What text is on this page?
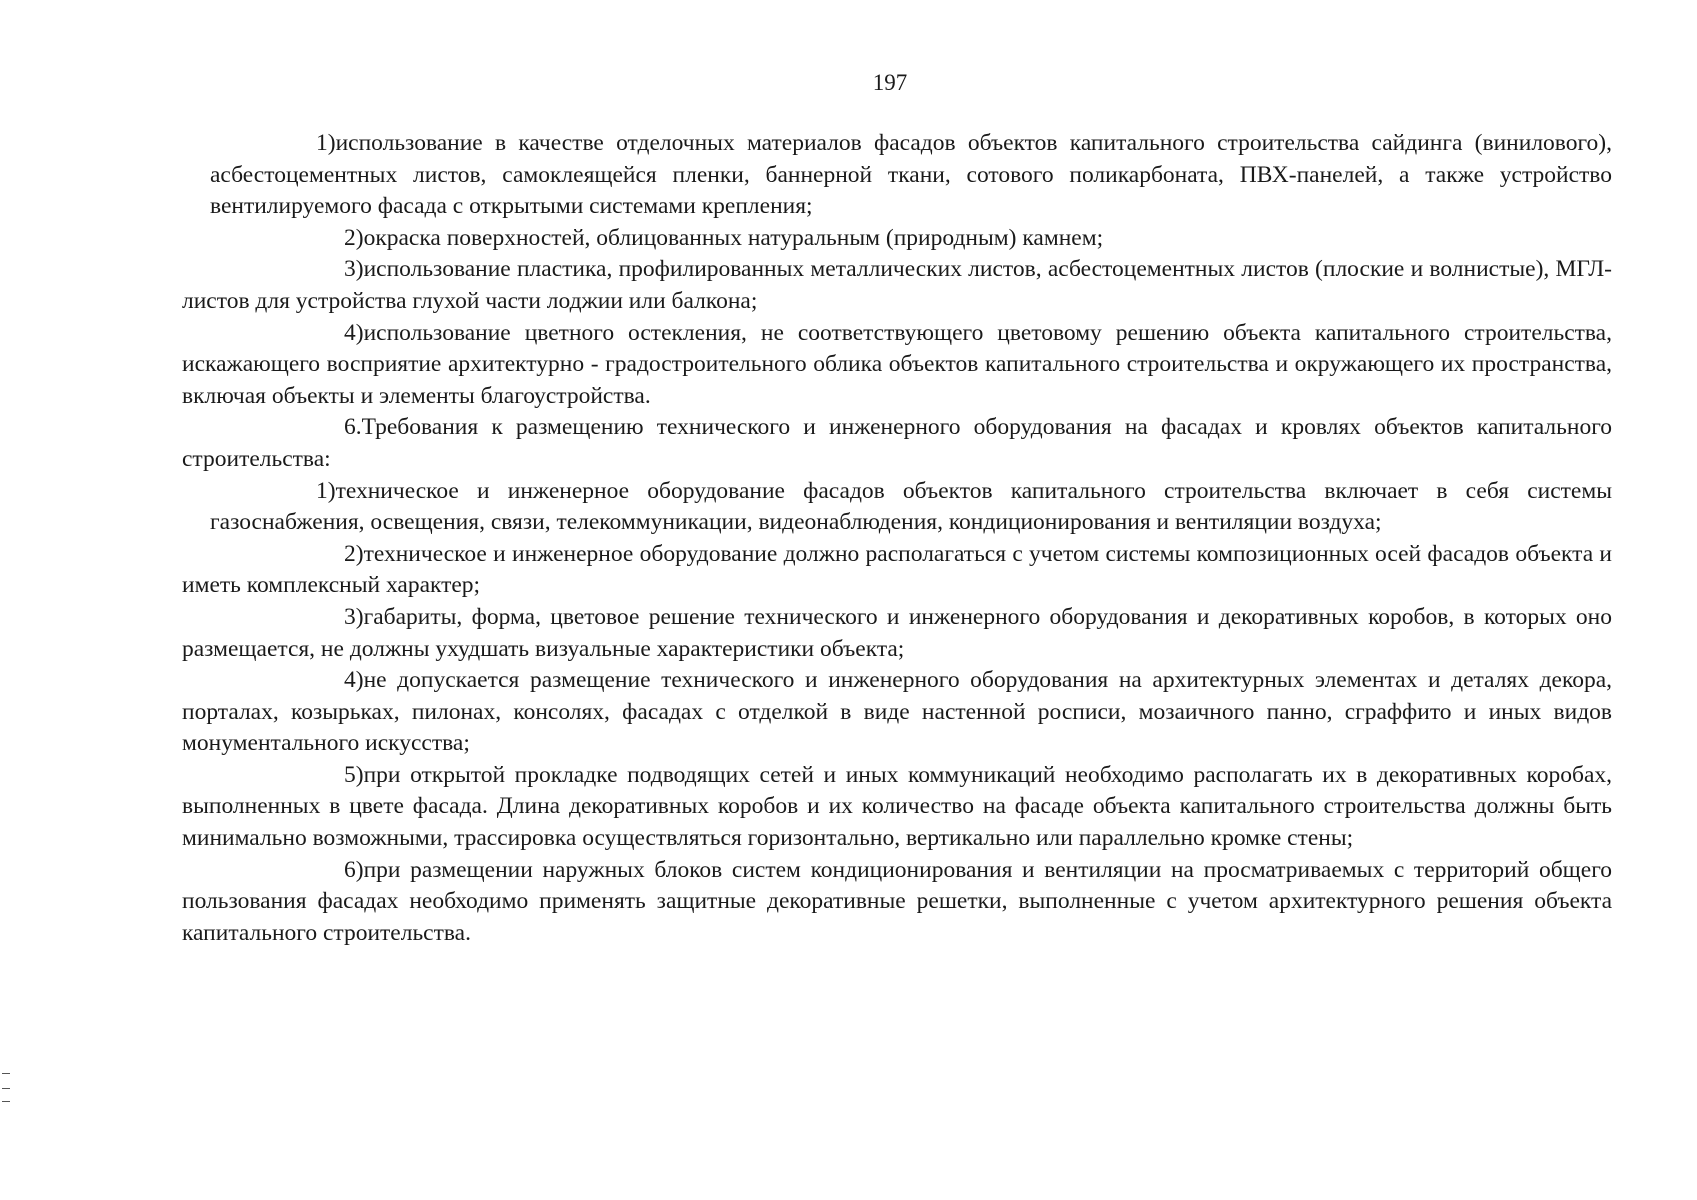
197

1)использование в качестве отделочных материалов фасадов объектов капитального строительства сайдинга (винилового), асбестоцементных листов, самоклеящейся пленки, баннерной ткани, сотового поликарбоната, ПВХ-панелей, а также устройство вентилируемого фасада с открытыми системами крепления;

2)окраска поверхностей, облицованных натуральным (природным) камнем;

3)использование пластика, профилированных металлических листов, асбестоцементных листов (плоские и волнистые), МГЛ-листов для устройства глухой части лоджии или балкона;

4)использование цветного остекления, не соответствующего цветовому решению объекта капитального строительства, искажающего восприятие архитектурно - градостроительного облика объектов капитального строительства и окружающего их пространства, включая объекты и элементы благоустройства.

6.Требования к размещению технического и инженерного оборудования на фасадах и кровлях объектов капитального строительства:

1)техническое и инженерное оборудование фасадов объектов капитального строительства включает в себя системы газоснабжения, освещения, связи, телекоммуникации, видеонаблюдения, кондиционирования и вентиляции воздуха;

2)техническое и инженерное оборудование должно располагаться с учетом системы композиционных осей фасадов объекта и иметь комплексный характер;

3)габариты, форма, цветовое решение технического и инженерного оборудования и декоративных коробов, в которых оно размещается, не должны ухудшать визуальные характеристики объекта;

4)не допускается размещение технического и инженерного оборудования на архитектурных элементах и деталях декора, порталах, козырьках, пилонах, консолях, фасадах с отделкой в виде настенной росписи, мозаичного панно, сграффито и иных видов монументального искусства;

5)при открытой прокладке подводящих сетей и иных коммуникаций необходимо располагать их в декоративных коробах, выполненных в цвете фасада. Длина декоративных коробов и их количество на фасаде объекта капитального строительства должны быть минимально возможными, трассировка осуществляться горизонтально, вертикально или параллельно кромке стены;

6)при размещении наружных блоков систем кондиционирования и вентиляции на просматриваемых с территорий общего пользования фасадах необходимо применять защитные декоративные решетки, выполненные с учетом архитектурного решения объекта капитального строительства.
